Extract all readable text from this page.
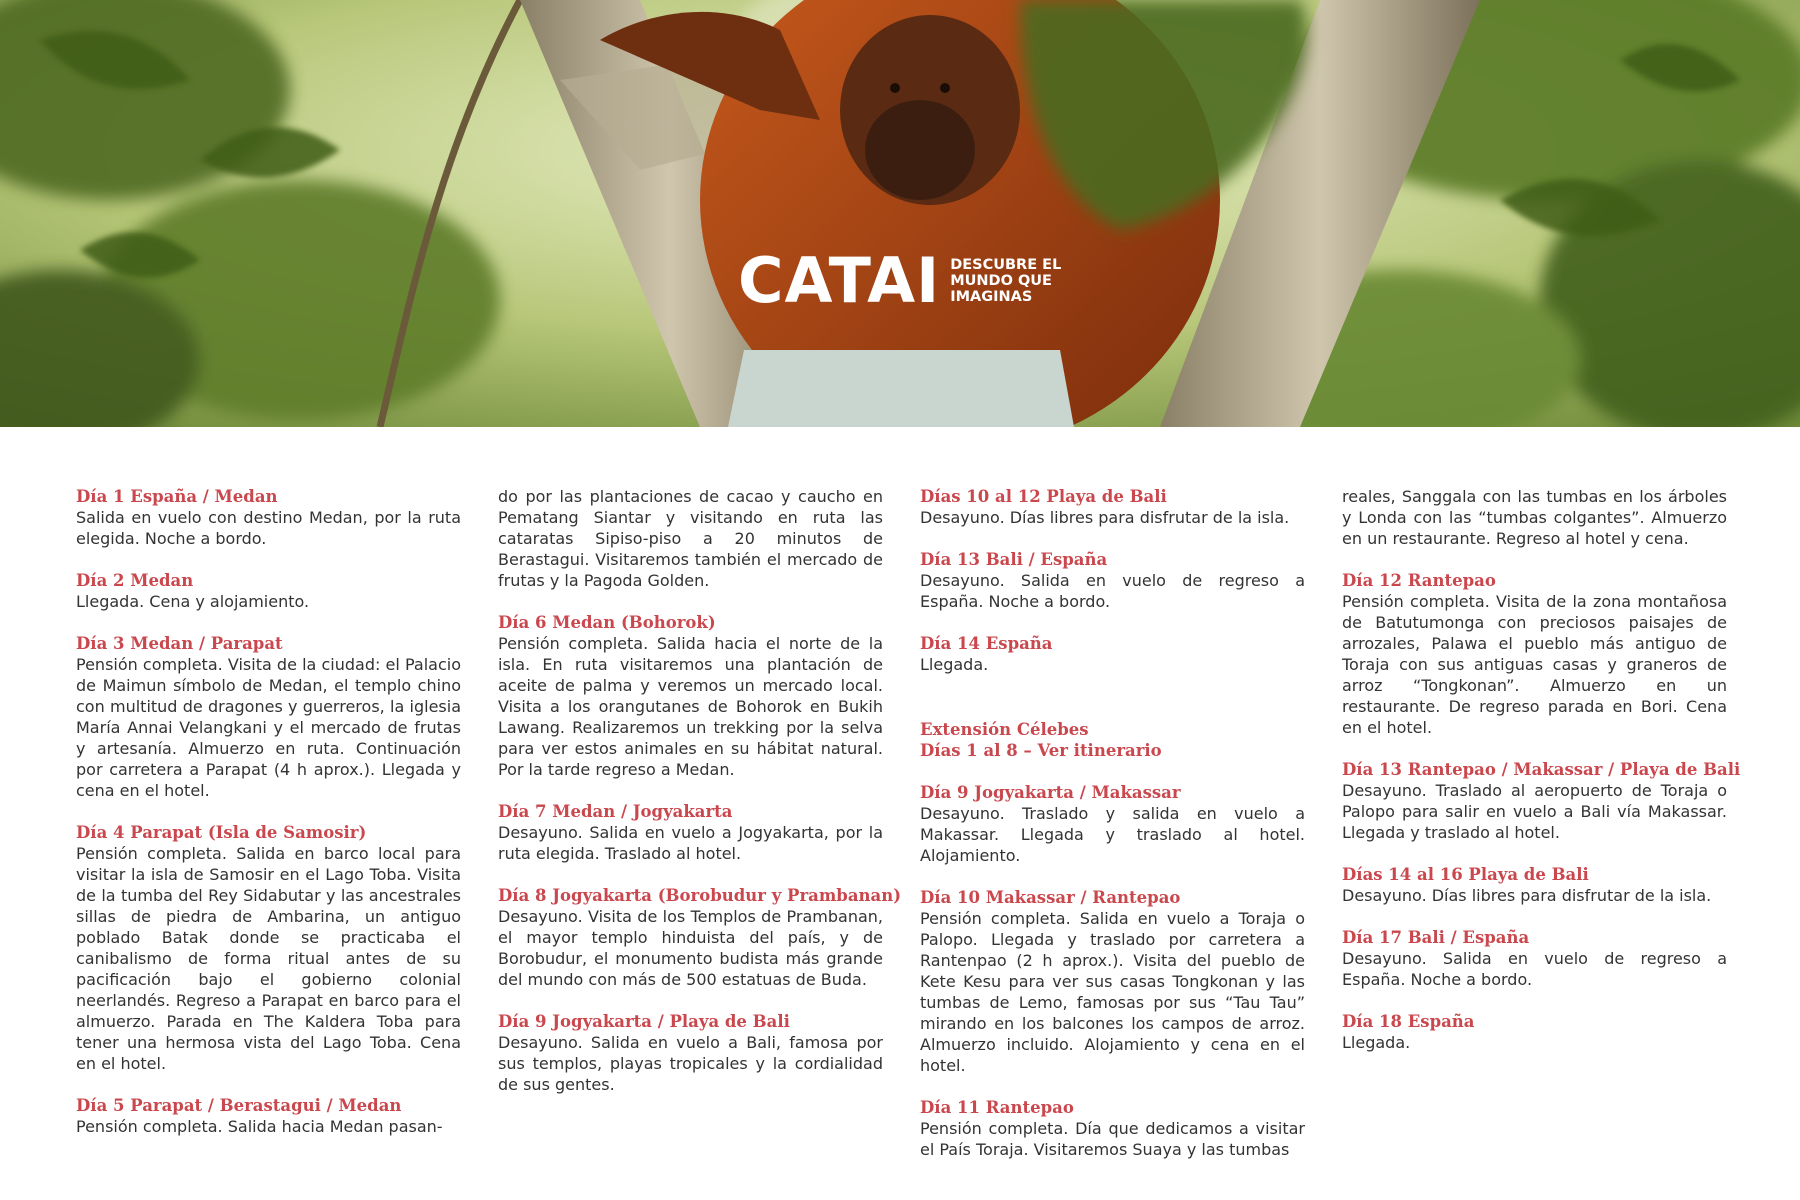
CATAI DESCUBRE EL
MUNDO QUE
IMAGINAS
Día 1 España / Medan

Salida en vuelo con destino Medan, por la ruta elegida. Noche a bordo.

Día 2 Medan

Llegada. Cena y alojamiento.

Día 3 Medan / Parapat

Pensión completa. Visita de la ciudad: el Palacio de Maimun símbolo de Medan, el templo chino con multitud de dragones y guerreros, la iglesia María Annai Velangkani y el mercado de frutas y artesanía. Almuerzo en ruta. Continuación por carretera a Parapat (4 h aprox.). Llegada y cena en el hotel.

Día 4 Parapat (Isla de Samosir)

Pensión completa. Salida en barco local para visitar la isla de Samosir en el Lago Toba. Visita de la tumba del Rey Sidabutar y las ancestrales sillas de piedra de Ambarina, un antiguo poblado Batak donde se practicaba el canibalismo de forma ritual antes de su pacificación bajo el gobierno colonial neerlandés. Regreso a Parapat en barco para el almuerzo. Parada en The Kaldera Toba para tener una hermosa vista del Lago Toba. Cena en el hotel.

Día 5 Parapat / Berastagui / Medan

Pensión completa. Salida hacia Medan pasan-

do por las plantaciones de cacao y caucho en Pematang Siantar y visitando en ruta las cataratas Sipiso-piso a 20 minutos de Berastagui. Visitaremos también el mercado de frutas y la Pagoda Golden.

Día 6 Medan (Bohorok)

Pensión completa. Salida hacia el norte de la isla. En ruta visitaremos una plantación de aceite de palma y veremos un mercado local. Visita a los orangutanes de Bohorok en Bukih Lawang. Realizaremos un trekking por la selva para ver estos animales en su hábitat natural. Por la tarde regreso a Medan.

Día 7 Medan / Jogyakarta

Desayuno. Salida en vuelo a Jogyakarta, por la ruta elegida. Traslado al hotel.

Día 8 Jogyakarta (Borobudur y Prambanan)

Desayuno. Visita de los Templos de Prambanan, el mayor templo hinduista del país, y de Borobudur, el monumento budista más grande del mundo con más de 500 estatuas de Buda.

Día 9 Jogyakarta / Playa de Bali

Desayuno. Salida en vuelo a Bali, famosa por sus templos, playas tropicales y la cordialidad de sus gentes.

Días 10 al 12 Playa de Bali

Desayuno. Días libres para disfrutar de la isla.

Día 13 Bali / España

Desayuno. Salida en vuelo de regreso a España. Noche a bordo.

Día 14 España

Llegada.

Extensión Célebes
Días 1 al 8 – Ver itinerario
Día 9 Jogyakarta / Makassar

Desayuno. Traslado y salida en vuelo a Makassar. Llegada y traslado al hotel. Alojamiento.

Día 10 Makassar / Rantepao

Pensión completa. Salida en vuelo a Toraja o Palopo. Llegada y traslado por carretera a Rantenpao (2 h aprox.). Visita del pueblo de Kete Kesu para ver sus casas Tongkonan y las tumbas de Lemo, famosas por sus “Tau Tau” mirando en los balcones los campos de arroz. Almuerzo incluido. Alojamiento y cena en el hotel.

Día 11 Rantepao

Pensión completa. Día que dedicamos a visitar el País Toraja. Visitaremos Suaya y las tumbas

reales, Sanggala con las tumbas en los árboles y Londa con las “tumbas colgantes”. Almuerzo en un restaurante. Regreso al hotel y cena.

Día 12 Rantepao

Pensión completa. Visita de la zona montañosa de Batutumonga con preciosos paisajes de arrozales, Palawa el pueblo más antiguo de Toraja con sus antiguas casas y graneros de arroz “Tongkonan”. Almuerzo en un restaurante. De regreso parada en Bori. Cena en el hotel.

Día 13 Rantepao / Makassar / Playa de Bali

Desayuno. Traslado al aeropuerto de Toraja o Palopo para salir en vuelo a Bali vía Makassar. Llegada y traslado al hotel.

Días 14 al 16 Playa de Bali

Desayuno. Días libres para disfrutar de la isla.

Día 17 Bali / España

Desayuno. Salida en vuelo de regreso a España. Noche a bordo.

Día 18 España

Llegada.
